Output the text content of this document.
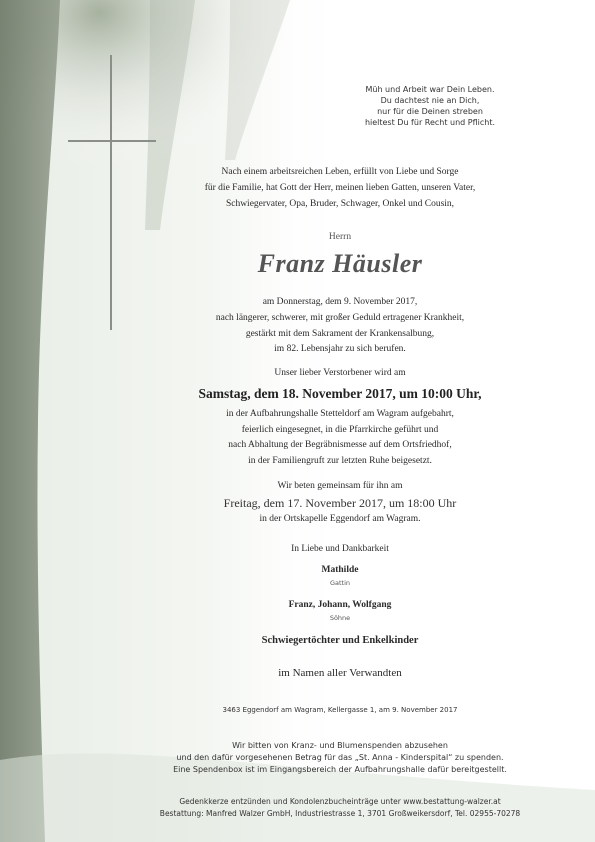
Müh und Arbeit war Dein Leben.
Du dachtest nie an Dich,
nur für die Deinen streben
hieltest Du für Recht und Pflicht.
Nach einem arbeitsreichen Leben, erfüllt von Liebe und Sorge
für die Familie, hat Gott der Herr, meinen lieben Gatten, unseren Vater,
Schwiegervater, Opa, Bruder, Schwager, Onkel und Cousin,
Herrn
Franz Häusler
am Donnerstag, dem 9. November 2017,
nach längerer, schwerer, mit großer Geduld ertragener Krankheit,
gestärkt mit dem Sakrament der Krankensalbung,
im 82. Lebensjahr zu sich berufen.
Unser lieber Verstorbener wird am
Samstag, dem 18. November 2017, um 10:00 Uhr,
in der Aufbahrungshalle Stetteldorf am Wagram aufgebahrt,
feierlich eingesegnet, in die Pfarrkirche geführt und
nach Abhaltung der Begräbnismesse auf dem Ortsfriedhof,
in der Familiengruft zur letzten Ruhe beigesetzt.
Wir beten gemeinsam für ihn am
Freitag, dem 17. November 2017, um 18:00 Uhr
in der Ortskapelle Eggendorf am Wagram.
In Liebe und Dankbarkeit
Mathilde
Gattin
Franz, Johann, Wolfgang
Söhne
Schwiegertöchter und Enkelkinder
im Namen aller Verwandten
3463 Eggendorf am Wagram, Kellergasse 1, am 9. November 2017
Wir bitten von Kranz- und Blumenspenden abzusehen
und den dafür vorgesehenen Betrag für das „St. Anna - Kinderspital“ zu spenden.
Eine Spendenbox ist im Eingangsbereich der Aufbahrungshalle dafür bereitgestellt.
Gedenkkerze entzünden und Kondolenzbucheinträge unter www.bestattung-walzer.at
Bestattung: Manfred Walzer GmbH, Industriestrasse 1, 3701 Großweikersdorf, Tel. 02955-70278
